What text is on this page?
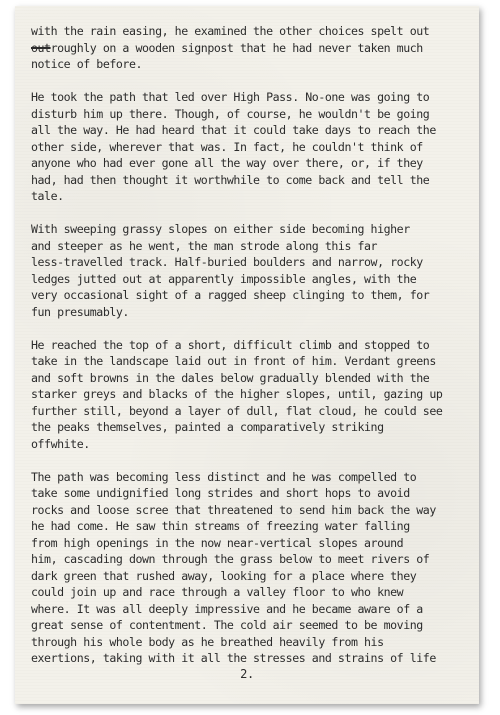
with the rain easing, he examined the other choices spelt out
outroughly on a wooden signpost that he had never taken much
notice of before.

He took the path that led over High Pass. No-one was going to
disturb him up there. Though, of course, he wouldn't be going
all the way. He had heard that it could take days to reach the
other side, wherever that was. In fact, he couldn't think of
anyone who had ever gone all the way over there, or, if they
had, had then thought it worthwhile to come back and tell the
tale.

With sweeping grassy slopes on either side becoming higher
and steeper as he went, the man strode along this far
less-travelled track. Half-buried boulders and narrow, rocky
ledges jutted out at apparently impossible angles, with the
very occasional sight of a ragged sheep clinging to them, for
fun presumably.

He reached the top of a short, difficult climb and stopped to
take in the landscape laid out in front of him. Verdant greens
and soft browns in the dales below gradually blended with the
starker greys and blacks of the higher slopes, until, gazing up
further still, beyond a layer of dull, flat cloud, he could see
the peaks themselves, painted a comparatively striking
offwhite.

The path was becoming less distinct and he was compelled to
take some undignified long strides and short hops to avoid
rocks and loose scree that threatened to send him back the way
he had come. He saw thin streams of freezing water falling
from high openings in the now near-vertical slopes around
him, cascading down through the grass below to meet rivers of
dark green that rushed away, looking for a place where they
could join up and race through a valley floor to who knew
where. It was all deeply impressive and he became aware of a
great sense of contentment. The cold air seemed to be moving
through his whole body as he breathed heavily from his
exertions, taking with it all the stresses and strains of life

2.
